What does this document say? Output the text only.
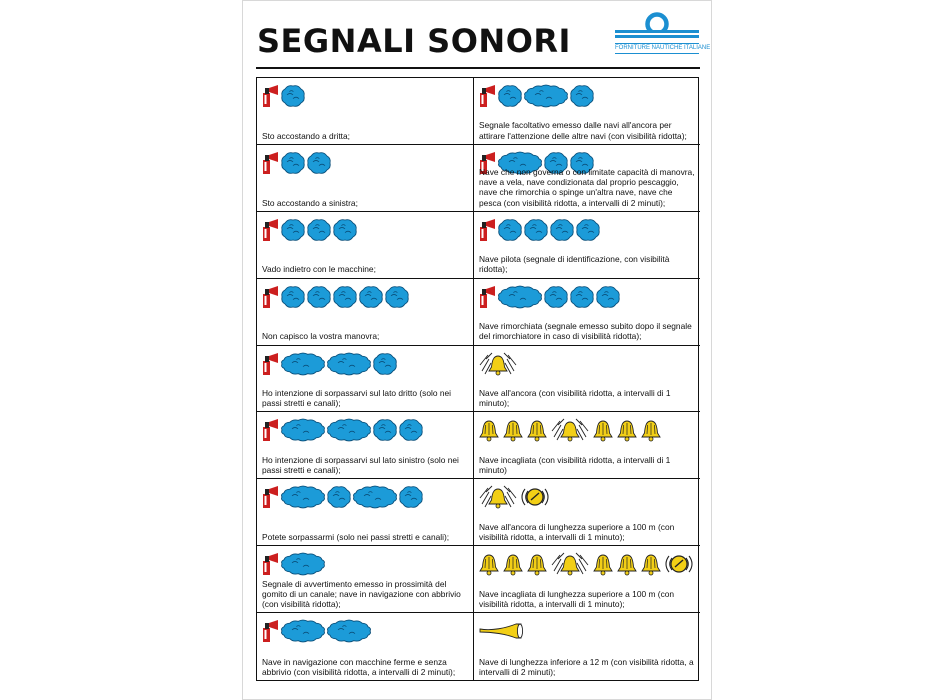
SEGNALI SONORI	FORNITURE NAUTICHE ITALIANE
Sto accostando a dritta;
Segnale facoltativo emesso dalle navi all'ancora per attirare l'attenzione delle altre navi (con visibilità ridotta);
Sto accostando a sinistra;
Nave che non governa o con limitate capacità di manovra, nave a vela, nave condizionata dal proprio pescaggio, nave che rimorchia o spinge un'altra nave, nave che pesca (con visibilità ridotta, a intervalli di 2 minuti);
Vado indietro con le macchine;
Nave pilota (segnale di identificazione, con visibilità ridotta);
Non capisco la vostra manovra;
Nave rimorchiata (segnale emesso subito dopo il segnale del rimorchiatore in caso di visibilità ridotta);
Ho intenzione di sorpassarvi sul lato dritto (solo nei passi stretti e canali);
Nave all'ancora (con visibilità ridotta, a intervalli di 1 minuto);
Ho intenzione di sorpassarvi sul lato sinistro (solo nei passi stretti e canali);
Nave incagliata (con visibilità ridotta, a intervalli di 1 minuto)
Potete sorpassarmi (solo nei passi stretti e canali);
Nave all'ancora di lunghezza superiore a 100 m (con visibilità ridotta, a intervalli di 1 minuto);
Segnale di avvertimento emesso in prossimità del gomito di un canale; nave in navigazione con abbrivio (con visibilità ridotta);
Nave incagliata di lunghezza superiore a 100 m (con visibilità ridotta, a intervalli di 1 minuto);
Nave in navigazione con macchine ferme e senza abbrivio (con visibilità ridotta, a intervalli di 2 minuti);
Nave di lunghezza inferiore a 12 m (con visibilità ridotta, a intervalli di 2 minuti);
